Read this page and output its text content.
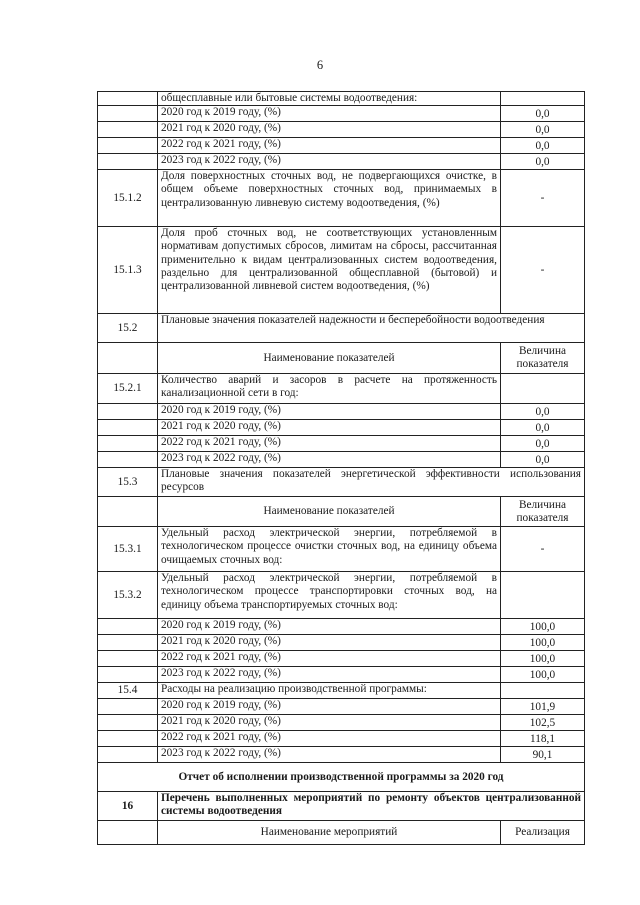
6
	общесплавные или бытовые системы водоотведения:	
	2020 год к 2019 году, (%)	0,0
	2021 год к 2020 году, (%)	0,0
	2022 год к 2021 году, (%)	0,0
	2023 год к 2022 году, (%)	0,0
15.1.2	Доля поверхностных сточных вод, не подвергающихся очистке, в общем объеме поверхностных сточных вод, принимаемых в централизованную ливневую систему водоотведения, (%)	-
15.1.3	Доля проб сточных вод, не соответствующих установленным нормативам допустимых сбросов, лимитам на сбросы, рассчитанная применительно к видам централизованных систем водоотведения, раздельно для централизованной общесплавной (бытовой) и централизованной ливневой систем водоотведения, (%)	-
15.2	Плановые значения показателей надежности и бесперебойности водоотведения	
	Наименование показателей	Величина показателя
15.2.1	Количество аварий и засоров в расчете на протяженность канализационной сети в год:	
	2020 год к 2019 году, (%)	0,0
	2021 год к 2020 году, (%)	0,0
	2022 год к 2021 году, (%)	0,0
	2023 год к 2022 году, (%)	0,0
15.3	Плановые значения показателей энергетической эффективности использования ресурсов	
	Наименование показателей	Величина показателя
15.3.1	Удельный расход электрической энергии, потребляемой в технологическом процессе очистки сточных вод, на единицу объема очищаемых сточных вод:	-
15.3.2	Удельный расход электрической энергии, потребляемой в технологическом процессе транспортировки сточных вод, на единицу объема транспортируемых сточных вод:	
	2020 год к 2019 году, (%)	100,0
	2021 год к 2020 году, (%)	100,0
	2022 год к 2021 году, (%)	100,0
	2023 год к 2022 году, (%)	100,0
15.4	Расходы на реализацию производственной программы:	
	2020 год к 2019 году, (%)	101,9
	2021 год к 2020 году, (%)	102,5
	2022 год к 2021 году, (%)	118,1
	2023 год к 2022 году, (%)	90,1
Отчет об исполнении производственной программы за 2020 год		
16	Перечень выполненных мероприятий по ремонту объектов централизованной системы водоотведения	
	Наименование мероприятий	Реализация
